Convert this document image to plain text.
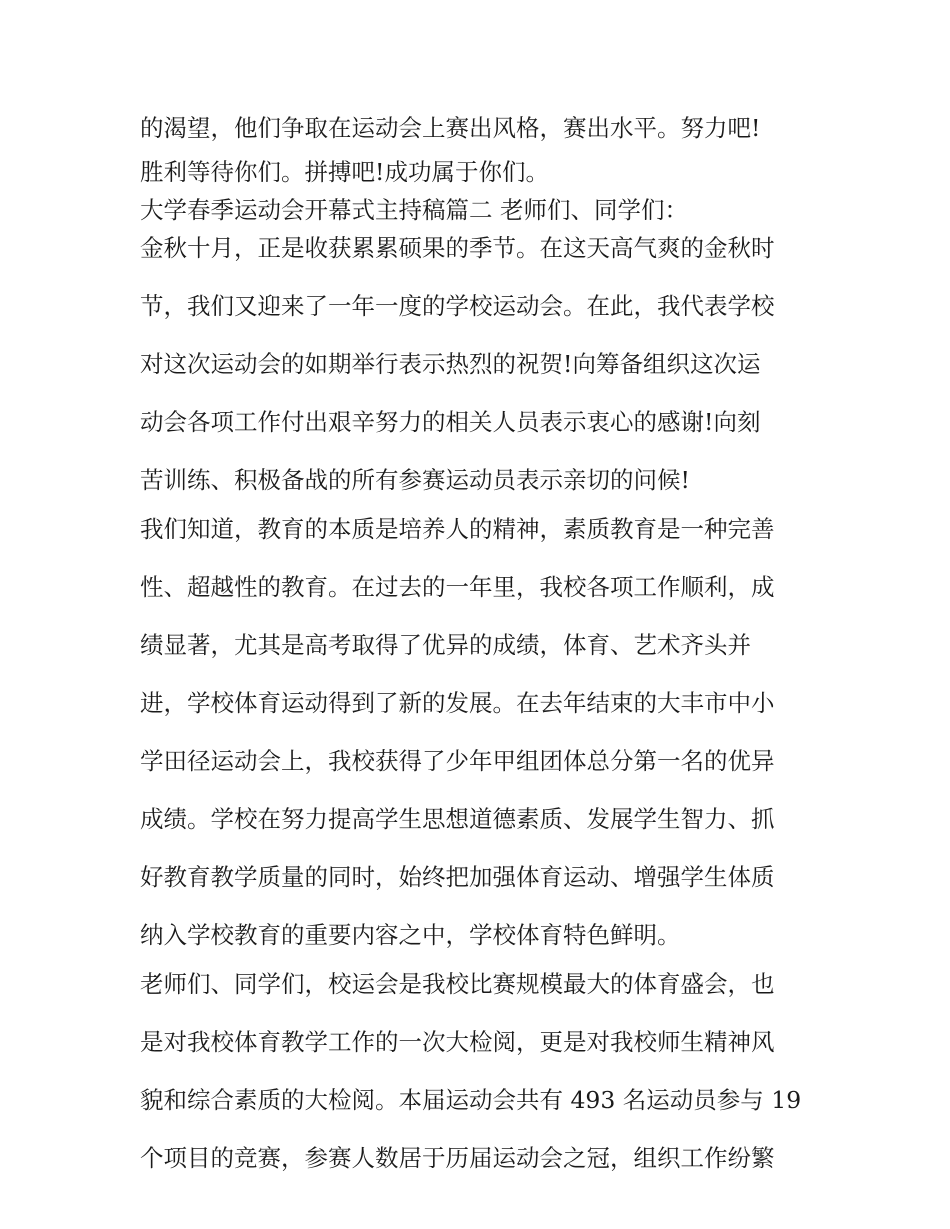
的渴望，他们争取在运动会上赛出风格，赛出水平。努力吧!
胜利等待你们。拼搏吧!成功属于你们。
大学春季运动会开幕式主持稿篇二 老师们、同学们：
金秋十月，正是收获累累硕果的季节。在这天高气爽的金秋时
节，我们又迎来了一年一度的学校运动会。在此，我代表学校
对这次运动会的如期举行表示热烈的祝贺!向筹备组织这次运
动会各项工作付出艰辛努力的相关人员表示衷心的感谢!向刻
苦训练、积极备战的所有参赛运动员表示亲切的问候!
我们知道，教育的本质是培养人的精神，素质教育是一种完善
性、超越性的教育。在过去的一年里，我校各项工作顺利，成
绩显著，尤其是高考取得了优异的成绩，体育、艺术齐头并
进，学校体育运动得到了新的发展。在去年结束的大丰市中小
学田径运动会上，我校获得了少年甲组团体总分第一名的优异
成绩。学校在努力提高学生思想道德素质、发展学生智力、抓
好教育教学质量的同时，始终把加强体育运动、增强学生体质
纳入学校教育的重要内容之中，学校体育特色鲜明。
老师们、同学们，校运会是我校比赛规模最大的体育盛会，也
是对我校体育教学工作的一次大检阅，更是对我校师生精神风
貌和综合素质的大检阅。本届运动会共有 493 名运动员参与 19
个项目的竞赛，参赛人数居于历届运动会之冠，组织工作纷繁
